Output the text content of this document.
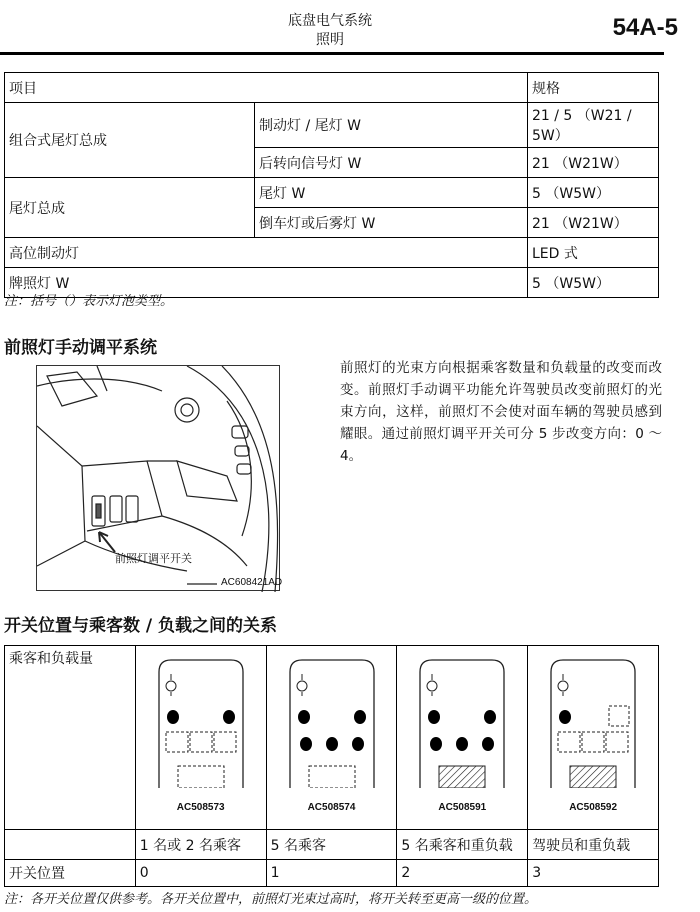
底盘电气系统
照明	54A-5
项目		规格
组合式尾灯总成	制动灯 / 尾灯 W	21 / 5 （W21 / 5W）
	后转向信号灯 W	21 （W21W）
尾灯总成	尾灯 W	5 （W5W）
	倒车灯或后雾灯 W	21 （W21W）
高位制动灯		LED 式
牌照灯 W		5 （W5W）
注：括号（）表示灯泡类型。
前照灯手动调平系统
前照灯调平开关
AC608421AD
前照灯的光束方向根据乘客数量和负载量的改变而改变。前照灯手动调平功能允许驾驶员改变前照灯的光束方向，这样，前照灯不会使对面车辆的驾驶员感到耀眼。通过前照灯调平开关可分 5 步改变方向：0 ～ 4。
开关位置与乘客数 / 负载之间的关系
乘客和负载量	AC508573	AC508574	AC508591	AC508592

	1 名或 2 名乘客	5 名乘客	5 名乘客和重负载	驾驶员和重负载
开关位置	0	1	2	3
注：各开关位置仅供参考。各开关位置中，前照灯光束过高时，将开关转至更高一级的位置。
